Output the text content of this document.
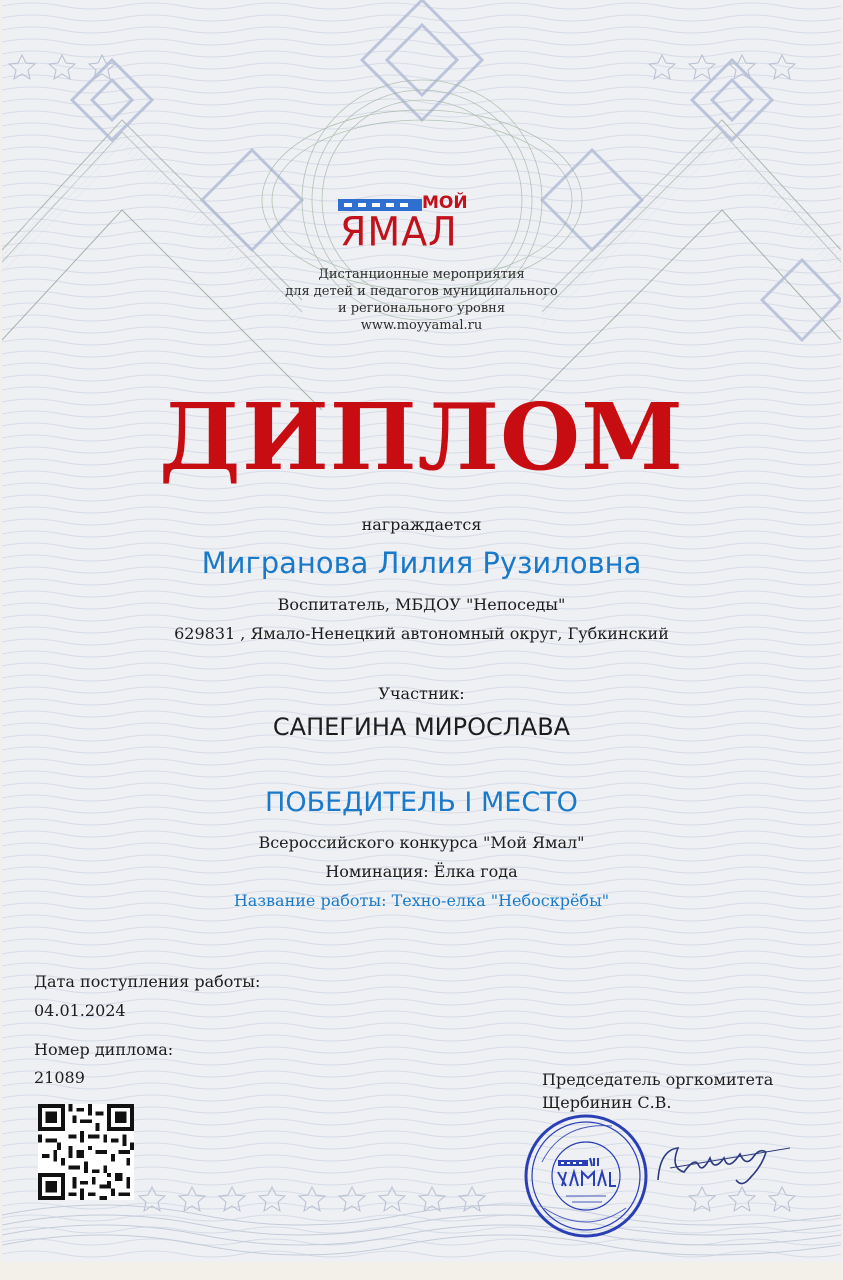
МОЙ
ЯМАЛ
Дистанционные мероприятия
для детей и педагогов муниципального
и регионального уровня
www.moyyamal.ru
ДИПЛОМ
награждается
Мигранова Лилия Рузиловна
Воспитатель, МБДОУ "Непоседы"
629831 , Ямало-Ненецкий автономный округ, Губкинский
Участник:
САПЕГИНА МИРОСЛАВА
ПОБЕДИТЕЛЬ I МЕСТО
Всероссийского конкурса "Мой Ямал"
Номинация: Ёлка года
Название работы: Техно-елка "Небоскрёбы"
Дата поступления работы:
04.01.2024
Номер диплома:
21089	Председатель оргкомитета
Щербинин С.В.
